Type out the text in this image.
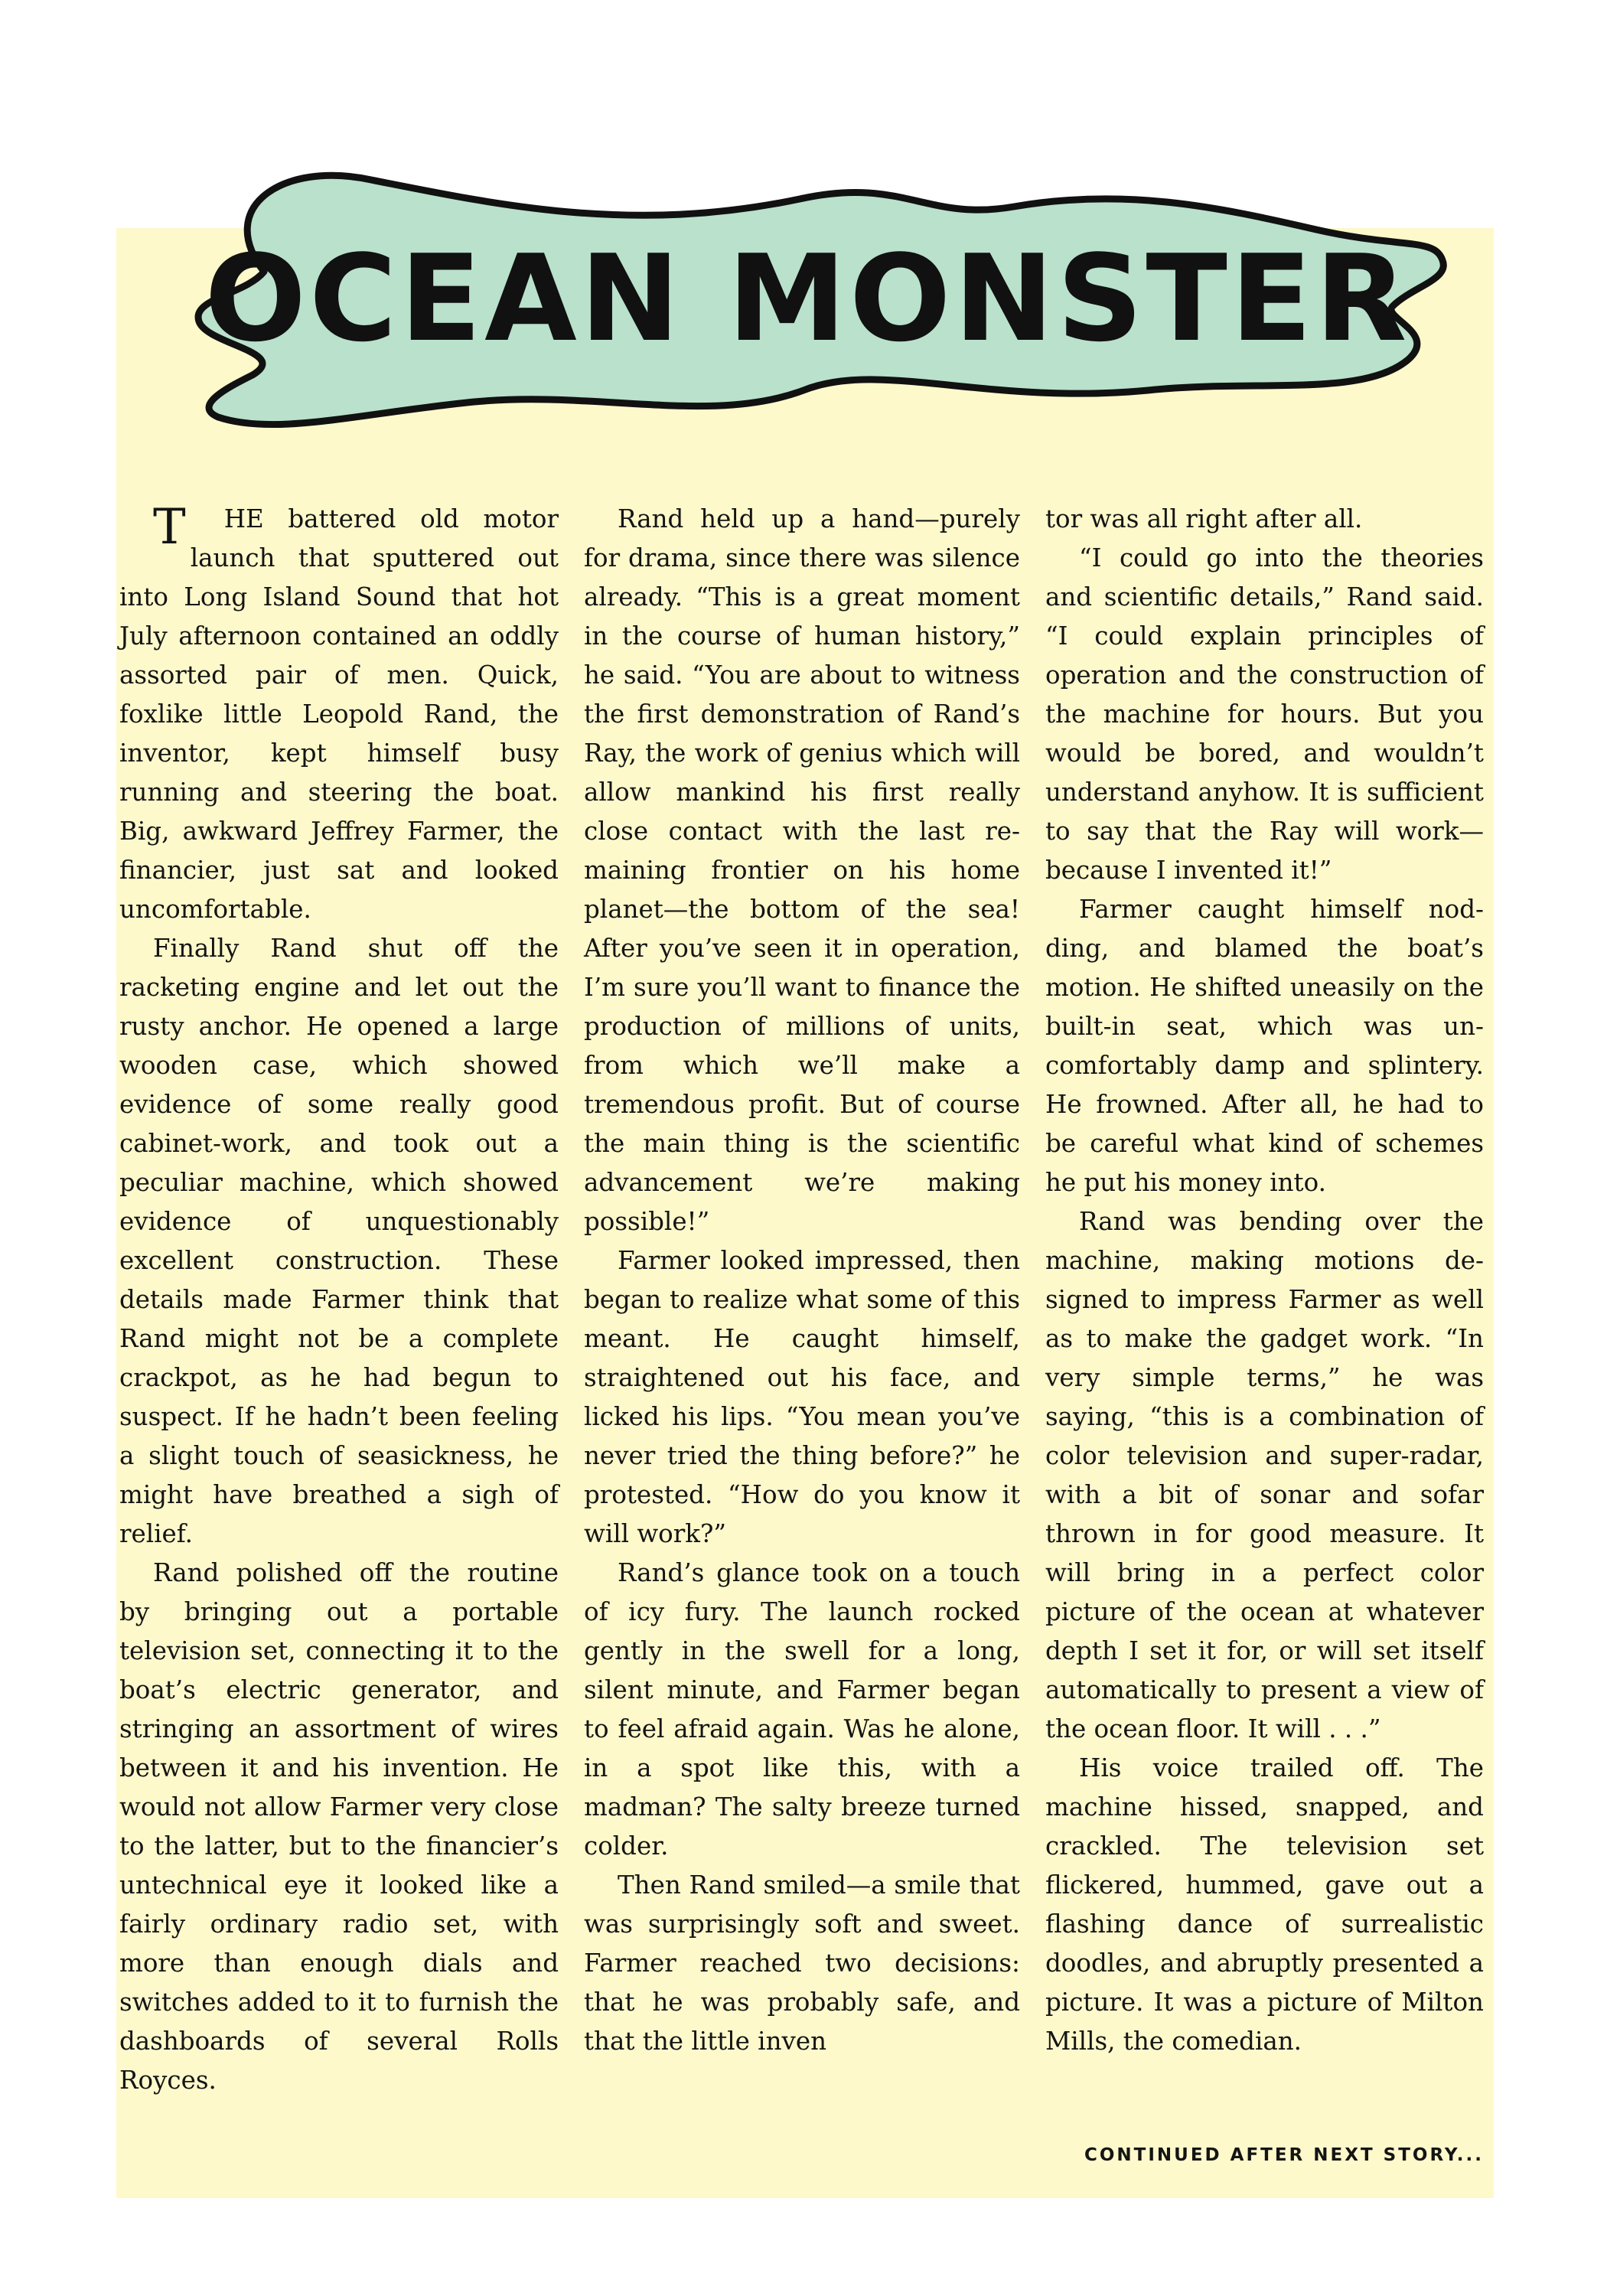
OCEAN MONSTER

T HE battered old motor launch that sputtered out into Long Island Sound that hot July afternoon contained an oddly assorted pair of men. Quick, foxlike little Leopold Rand, the inventor, kept himself busy running and steering the boat. Big, awkward Jeffrey Farmer, the financier, just sat and looked uncomfortable.

Finally Rand shut off the racketing engine and let out the rusty anchor. He opened a large wooden case, which showed evidence of some really good cabinet-work, and took out a peculiar machine, which showed evidence of unquestionably excellent construction. These details made Farmer think that Rand might not be a complete crackpot, as he had begun to suspect. If he hadn’t been feeling a slight touch of seasickness, he might have breathed a sigh of relief.

Rand polished off the routine by bringing out a portable television set, connecting it to the boat’s electric generator, and stringing an assortment of wires between it and his invention. He would not allow Farmer very close to the latter, but to the financier’s untechnical eye it looked like a fairly ordinary radio set, with more than enough dials and switches added to it to furnish the dashboards of several Rolls Royces.

Rand held up a hand—purely for drama, since there was silence already. “This is a great moment in the course of human history,” he said. “You are about to witness the first demonstration of Rand’s Ray, the work of genius which will allow mankind his first really close contact with the last remaining frontier on his home planet—the bottom of the sea! After you’ve seen it in operation, I’m sure you’ll want to finance the production of millions of units, from which we’ll make a tremendous profit. But of course the main thing is the scientific advancement we’re making possible!”

Farmer looked impressed, then began to realize what some of this meant. He caught himself, straightened out his face, and licked his lips. “You mean you’ve never tried the thing before?” he protested. “How do you know it will work?”

Rand’s glance took on a touch of icy fury. The launch rocked gently in the swell for a long, silent minute, and Farmer began to feel afraid again. Was he alone, in a spot like this, with a madman? The salty breeze turned colder.

Then Rand smiled—a smile that was surprisingly soft and sweet. Farmer reached two decisions: that he was probably safe, and that the little inven

tor was all right after all.

“I could go into the theories and scientific details,” Rand said. “I could explain principles of operation and the construction of the machine for hours. But you would be bored, and wouldn’t understand anyhow. It is sufficient to say that the Ray will work—because I invented it!”

Farmer caught himself nodding, and blamed the boat’s motion. He shifted uneasily on the built-in seat, which was uncomfortably damp and splintery. He frowned. After all, he had to be careful what kind of schemes he put his money into.

Rand was bending over the machine, making motions designed to impress Farmer as well as to make the gadget work. “In very simple terms,” he was saying, “this is a combination of color television and super-radar, with a bit of sonar and sofar thrown in for good measure. It will bring in a perfect color picture of the ocean at whatever depth I set it for, or will set itself automatically to present a view of the ocean floor. It will . . .”

His voice trailed off. The machine hissed, snapped, and crackled. The television set flickered, hummed, gave out a flashing dance of surrealistic doodles, and abruptly presented a picture. It was a picture of Milton Mills, the comedian.

CONTINUED AFTER NEXT STORY...
